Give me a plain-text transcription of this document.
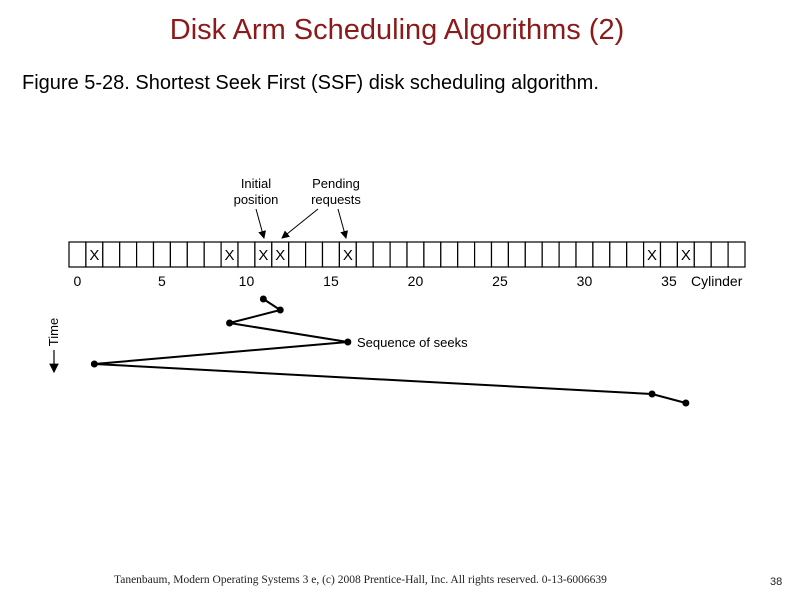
Disk Arm Scheduling Algorithms (2)
Figure 5-28. Shortest Seek First (SSF) disk scheduling algorithm.
Initial
position
Pending
requests
X	X X X	X	X X
0	5	10	15	20	25	30	35 Cylinder
Time	Sequence of seeks
Tanenbaum, Modern Operating Systems 3 e, (c) 2008 Prentice-Hall, Inc. All rights reserved. 0-13-6006639	38
